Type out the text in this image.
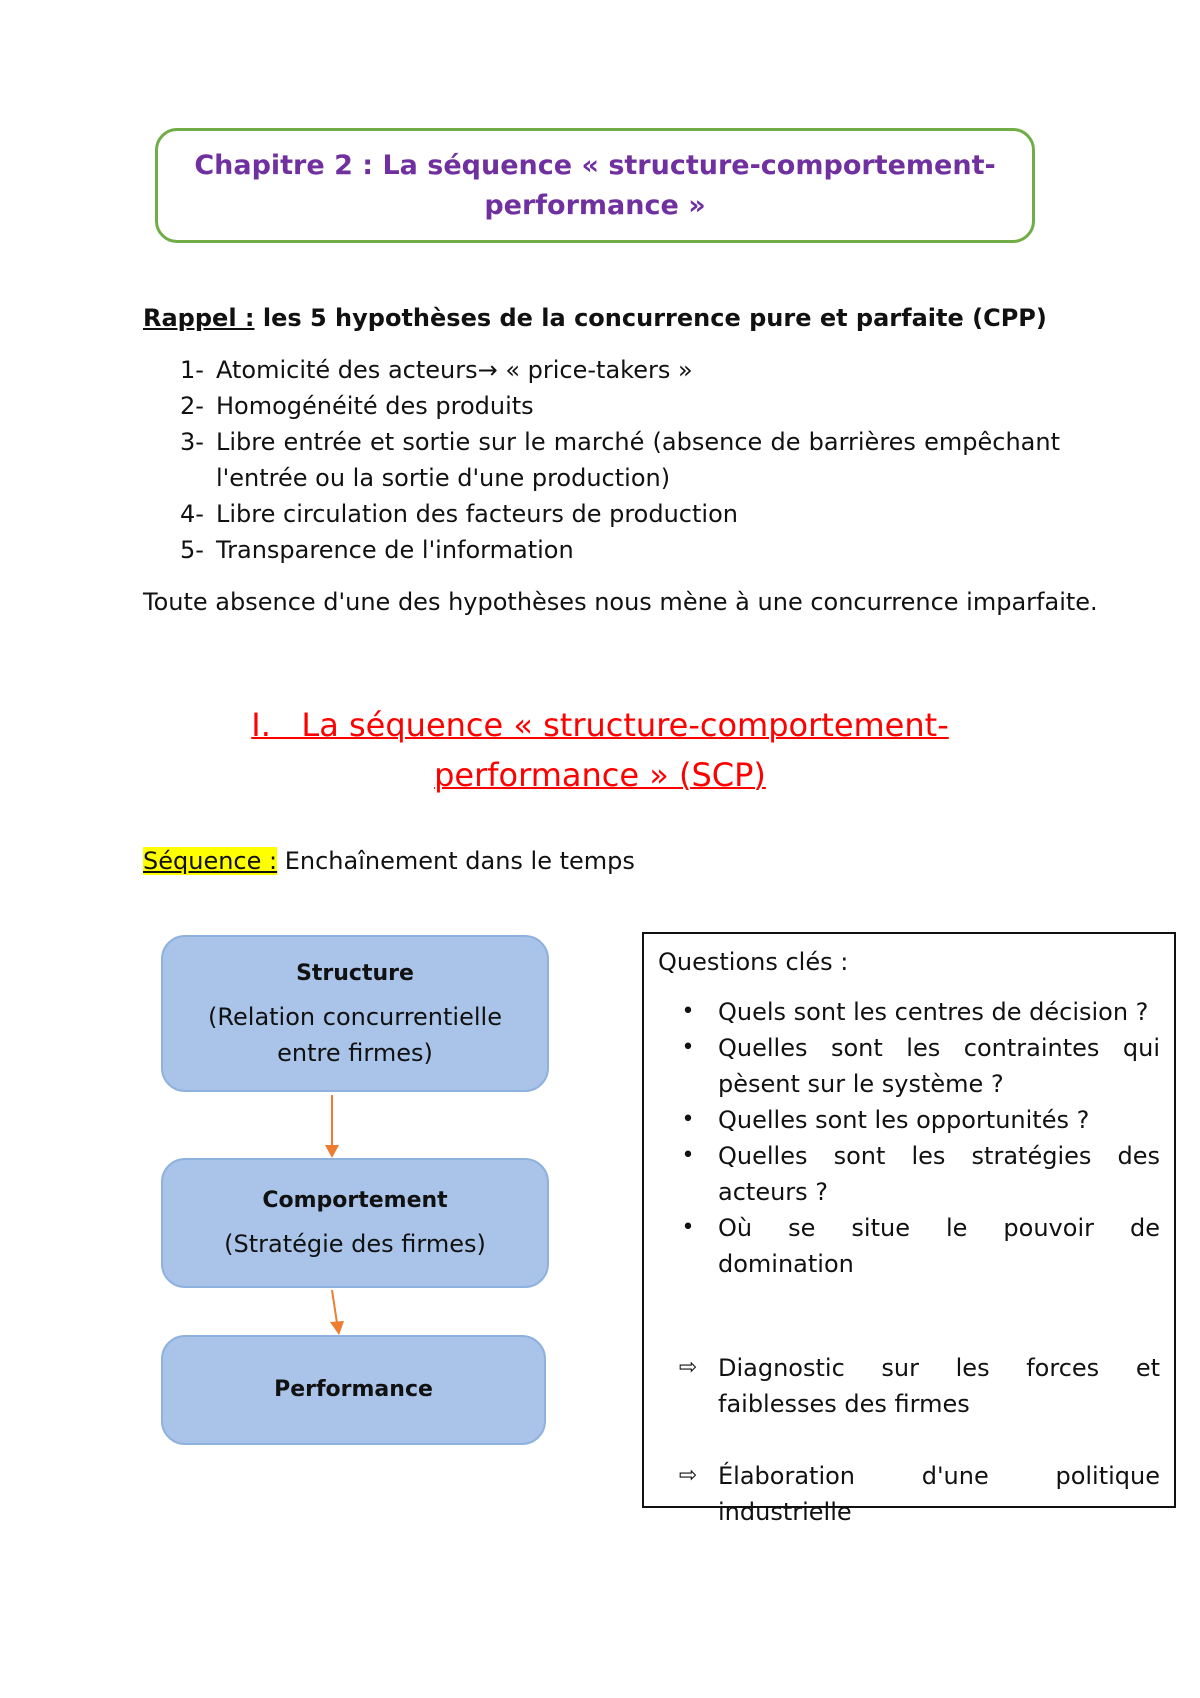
Chapitre 2 : La séquence « structure-comportement-
performance »
Rappel : les 5 hypothèses de la concurrence pure et parfaite (CPP)
1- Atomicité des acteurs→ « price-takers »
2- Homogénéité des produits
3- Libre entrée et sortie sur le marché (absence de barrières empêchant l'entrée ou la sortie d'une production)
4- Libre circulation des facteurs de production
5- Transparence de l'information
Toute absence d'une des hypothèses nous mène à une concurrence imparfaite.
I.   La séquence « structure-comportement-
performance » (SCP)
Séquence : Enchaînement dans le temps
Structure
(Relation concurrentielle
entre firmes)
Comportement
(Stratégie des firmes)
Performance
Questions clés :
• Quels sont les centres de décision ?
• Quelles sont les contraintes qui pèsent sur le système ?
• Quelles sont les opportunités ?
• Quelles sont les stratégies des acteurs ?
• Où se situe le pouvoir de domination
⇨ Diagnostic sur les forces et faiblesses des firmes
⇨ Élaboration d'une politique industrielle
